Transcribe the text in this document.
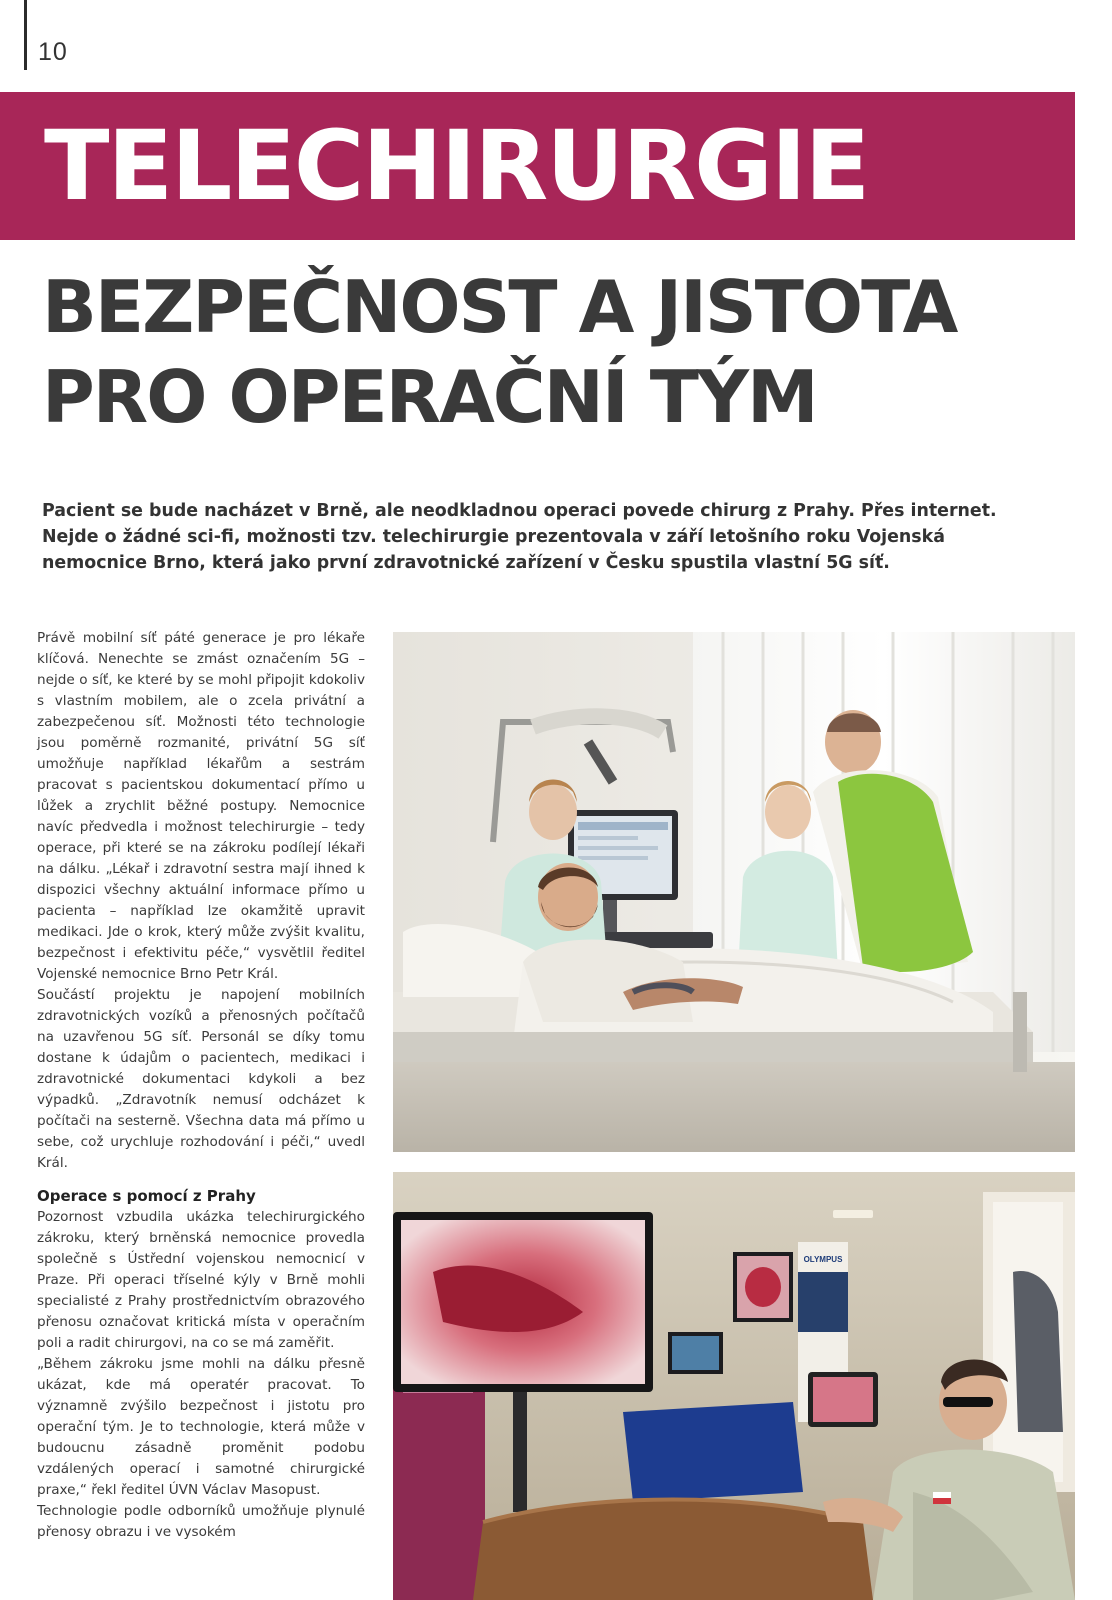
10
TELECHIRURGIE
BEZPEČNOST A JISTOTA
PRO OPERAČNÍ TÝM
Pacient se bude nacházet v Brně, ale neodkladnou operaci povede chirurg z Prahy. Přes internet.
Nejde o žádné sci-fi, možnosti tzv. telechirurgie prezentovala v září letošního roku Vojenská
nemocnice Brno, která jako první zdravotnické zařízení v Česku spustila vlastní 5G síť.

Právě mobilní síť páté generace je pro lékaře klíčová. Nenechte se zmást označením 5G – nejde o síť, ke které by se mohl připojit kdokoliv s vlastním mobilem, ale o zcela privátní a zabezpečenou síť. Možnosti této technologie jsou poměrně rozmanité, privátní 5G síť umožňuje například lékařům a sestrám pracovat s pacientskou dokumentací přímo u lůžek a zrychlit běžné postupy. Nemocnice navíc předvedla i možnost telechirurgie – tedy operace, při které se na zákroku podílejí lékaři na dálku. „Lékař i zdravotní sestra mají ihned k dispozici všechny aktuální informace přímo u pacienta – například lze okamžitě upravit medikaci. Jde o krok, který může zvýšit kvalitu, bezpečnost i efektivitu péče,“ vysvětlil ředitel Vojenské nemocnice Brno Petr Král.

Součástí projektu je napojení mobilních zdravotnických vozíků a přenosných počítačů na uzavřenou 5G síť. Personál se díky tomu dostane k údajům o pacientech, medikaci i zdravotnické dokumentaci kdykoli a bez výpadků. „Zdravotník nemusí odcházet k počítači na sesterně. Všechna data má přímo u sebe, což urychluje rozhodování i péči,“ uvedl Král.

Operace s pomocí z Prahy

Pozornost vzbudila ukázka telechirurgického zákroku, který brněnská nemocnice provedla společně s Ústřední vojenskou nemocnicí v Praze. Při operaci tříselné kýly v Brně mohli specialisté z Prahy prostřednictvím obrazového přenosu označovat kritická místa v operačním poli a radit chirurgovi, na co se má zaměřit.

„Během zákroku jsme mohli na dálku přesně ukázat, kde má operatér pracovat. To významně zvýšilo bezpečnost i jistotu pro operační tým. Je to technologie, která může v budoucnu zásadně proměnit podobu vzdálených operací i samotné chirurgické praxe,“ řekl ředitel ÚVN Václav Masopust.

Technologie podle odborníků umožňuje plynulé přenosy obrazu i ve vysokém

OLYMPUS
